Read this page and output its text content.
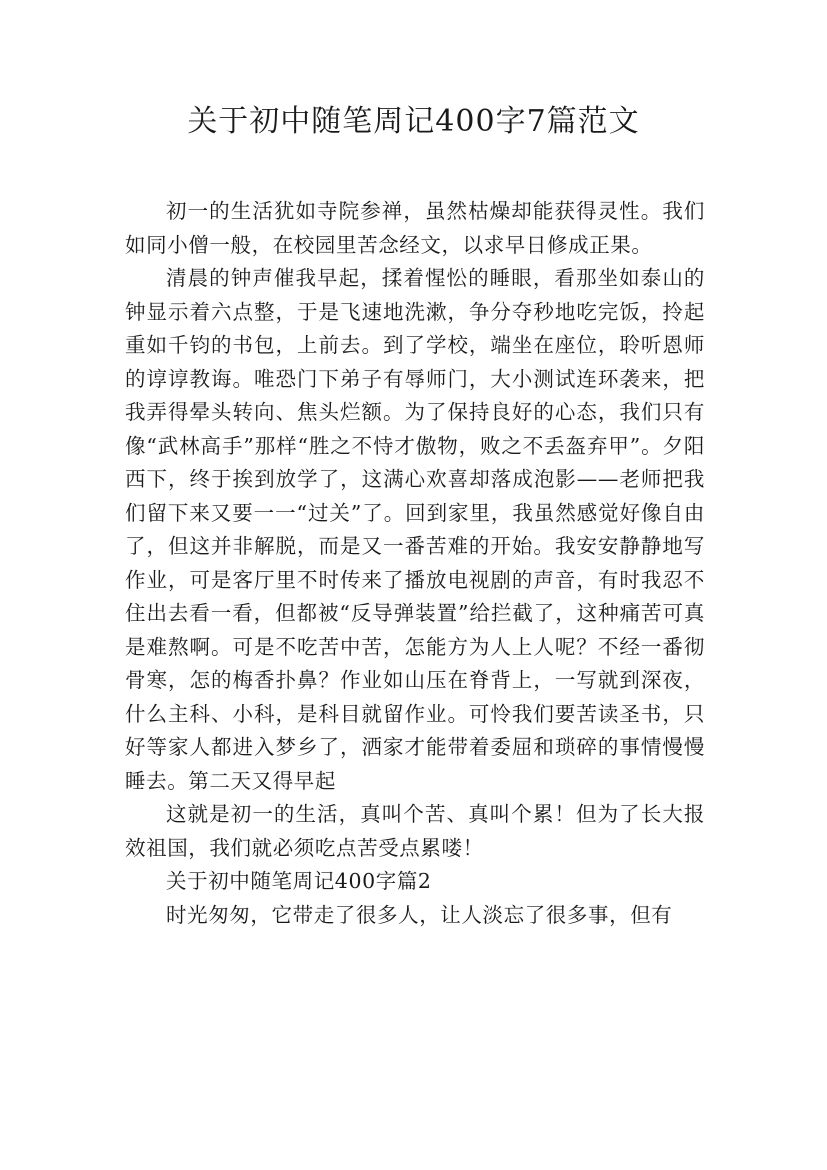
关于初中随笔周记400字7篇范文

初一的生活犹如寺院参禅，虽然枯燥却能获得灵性。我们如同小僧一般，在校园里苦念经文，以求早日修成正果。

清晨的钟声催我早起，揉着惺忪的睡眼，看那坐如泰山的钟显示着六点整，于是飞速地洗漱，争分夺秒地吃完饭，拎起重如千钧的书包，上前去。到了学校，端坐在座位，聆听恩师的谆谆教诲。唯恐门下弟子有辱师门，大小测试连环袭来，把我弄得晕头转向、焦头烂额。为了保持良好的心态，我们只有像“武林高手”那样“胜之不恃才傲物，败之不丢盔弃甲”。夕阳西下，终于挨到放学了，这满心欢喜却落成泡影——老师把我们留下来又要一一“过关”了。回到家里，我虽然感觉好像自由了，但这并非解脱，而是又一番苦难的开始。我安安静静地写作业，可是客厅里不时传来了播放电视剧的声音，有时我忍不住出去看一看，但都被“反导弹装置”给拦截了，这种痛苦可真是难熬啊。可是不吃苦中苦，怎能方为人上人呢？不经一番彻骨寒，怎的梅香扑鼻？作业如山压在脊背上，一写就到深夜，什么主科、小科，是科目就留作业。可怜我们要苦读圣书，只好等家人都进入梦乡了，洒家才能带着委屈和琐碎的事情慢慢睡去。第二天又得早起

这就是初一的生活，真叫个苦、真叫个累！但为了长大报效祖国，我们就必须吃点苦受点累喽！

关于初中随笔周记400字篇2

时光匆匆，它带走了很多人，让人淡忘了很多事，但有
